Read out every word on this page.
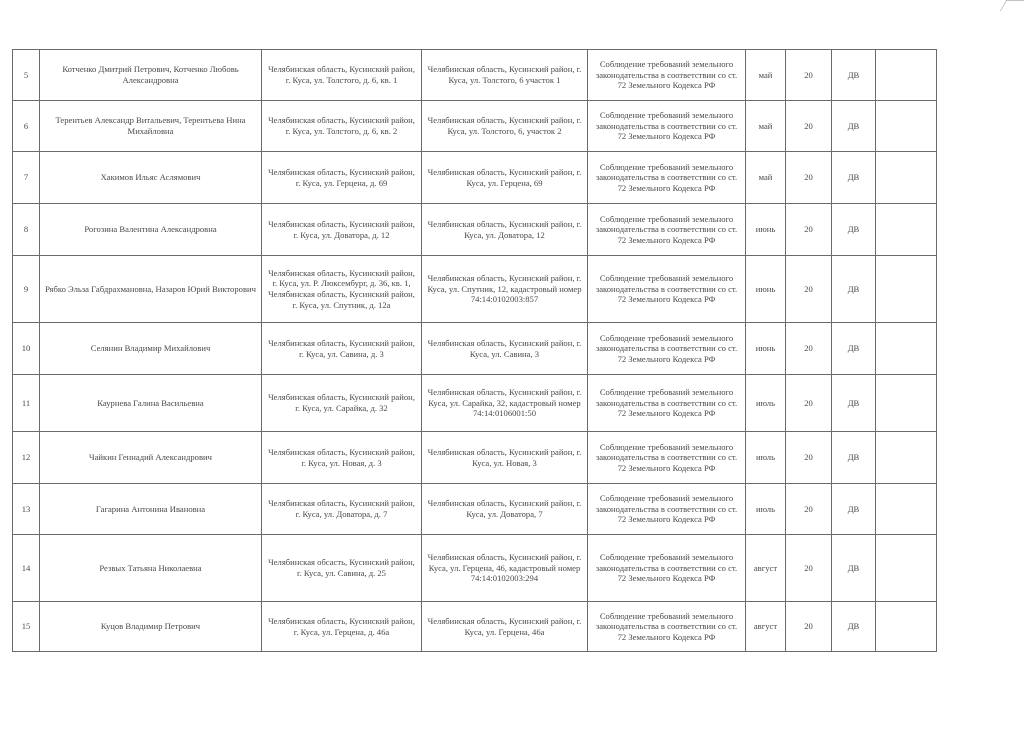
5	Котченко Дмитрий Петрович, Котченко Любовь Александровна	Челябинская область, Кусинский район, г. Куса, ул. Толстого, д. 6, кв. 1	Челябинская область, Кусинский район, г. Куса, ул. Толстого, 6 участок 1	Соблюдение требований земельного законодательства в соответствии со ст. 72 Земельного Кодекса РФ	май	20	ДВ	
6	Терентьев Александр Витальевич, Терентьева Нина Михайловна	Челябинская область, Кусинский район, г. Куса, ул. Толстого, д. 6, кв. 2	Челябинская область, Кусинский район, г. Куса, ул. Толстого, 6, участок 2	Соблюдение требований земельного законодательства в соответствии со ст. 72 Земельного Кодекса РФ	май	20	ДВ	
7	Хакимов Ильяс Аслямович	Челябинская область, Кусинский район, г. Куса, ул. Герцена, д. 69	Челябинская область, Кусинский район, г. Куса, ул. Герцена, 69	Соблюдение требований земельного законодательства в соответствии со ст. 72 Земельного Кодекса РФ	май	20	ДВ	
8	Рогозина Валентина Александровна	Челябинская область, Кусинский район, г. Куса, ул. Доватора, д. 12	Челябинская область, Кусинский район, г. Куса, ул. Доватора, 12	Соблюдение требований земельного законодательства в соответствии со ст. 72 Земельного Кодекса РФ	июнь	20	ДВ	
9	Рябко Эльза Габдрахмановна, Назаров Юрий Викторович	Челябинская область, Кусинский район, г. Куса, ул. Р. Люксембург, д. 36, кв. 1, Челябинская область, Кусинский район, г. Куса, ул. Спутник, д. 12а	Челябинская область, Кусинский район, г. Куса, ул. Спутник, 12, кадастровый номер 74:14:0102003:857	Соблюдение требований земельного законодательства в соответствии со ст. 72 Земельного Кодекса РФ	июнь	20	ДВ	
10	Селянин Владимир Михайлович	Челябинская область, Кусинский район, г. Куса, ул. Савина, д. 3	Челябинская область, Кусинский район, г. Куса, ул. Савина, 3	Соблюдение требований земельного законодательства в соответствии со ст. 72 Земельного Кодекса РФ	июнь	20	ДВ	
11	Каурнева Галина Васильевна	Челябинская область, Кусинский район, г. Куса, ул. Сарайка, д. 32	Челябинская область, Кусинский район, г. Куса, ул. Сарайка, 32, кадастровый номер 74:14:0106001:50	Соблюдение требований земельного законодательства в соответствии со ст. 72 Земельного Кодекса РФ	июль	20	ДВ	
12	Чайкин Геннадий Александрович	Челябинская область, Кусинский район, г. Куса, ул. Новая, д. 3	Челябинская область, Кусинский район, г. Куса, ул. Новая, 3	Соблюдение требований земельного законодательства в соответствии со ст. 72 Земельного Кодекса РФ	июль	20	ДВ	
13	Гагарина Антонина Ивановна	Челябинская область, Кусинский район, г. Куса, ул. Доватора, д. 7	Челябинская область, Кусинский район, г. Куса, ул. Доватора, 7	Соблюдение требований земельного законодательства в соответствии со ст. 72 Земельного Кодекса РФ	июль	20	ДВ	
14	Резвых Татьяна Николаевна	Челябинская обсасть, Кусинский район, г. Куса, ул. Савина, д. 25	Челябинская область, Кусинский район, г. Куса, ул. Герцена, 46, кадастровый номер 74:14:0102003:294	Соблюдение требований земельного законодательства в соответствии со ст. 72 Земельного Кодекса РФ	август	20	ДВ	
15	Куцов Владимир Петрович	Челябинская область, Кусинский район, г. Куса, ул. Герцена, д. 46а	Челябинская область, Кусинский район, г. Куса, ул. Герцена, 46а	Соблюдение требований земельного законодательства в соответствии со ст. 72 Земельного Кодекса РФ	август	20	ДВ	
